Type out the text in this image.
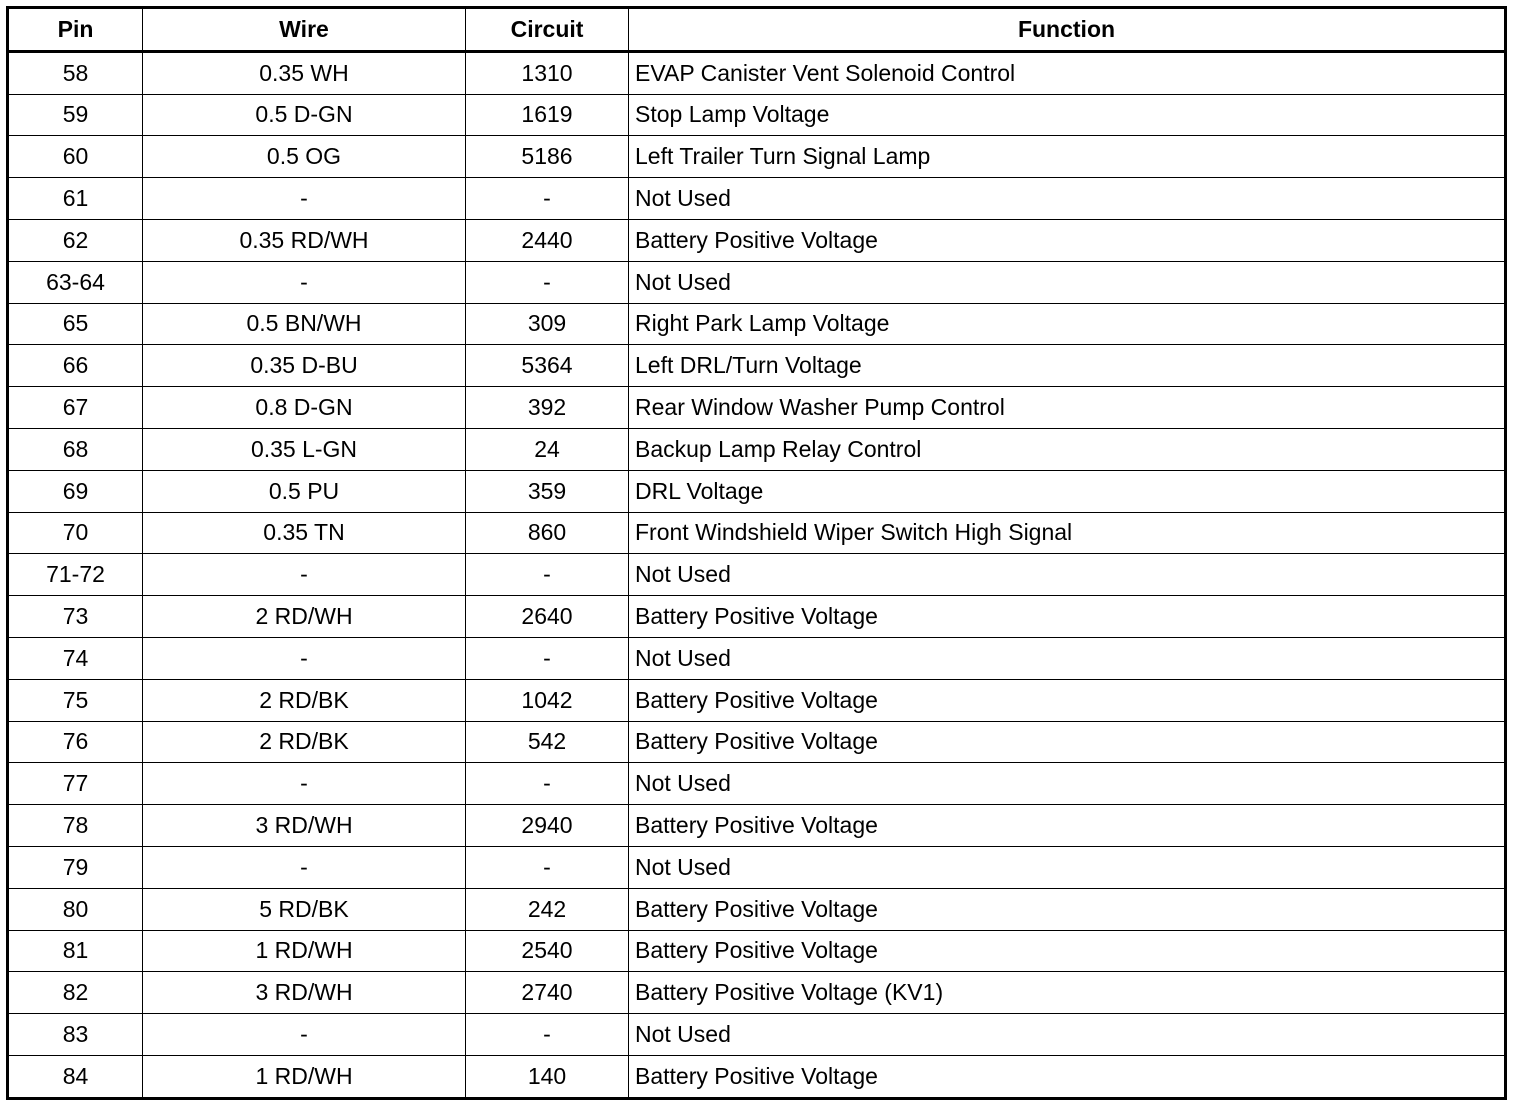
Pin	Wire	Circuit	Function
58	0.35 WH	1310	EVAP Canister Vent Solenoid Control
59	0.5 D-GN	1619	Stop Lamp Voltage
60	0.5 OG	5186	Left Trailer Turn Signal Lamp
61	-	-	Not Used
62	0.35 RD/WH	2440	Battery Positive Voltage
63-64	-	-	Not Used
65	0.5 BN/WH	309	Right Park Lamp Voltage
66	0.35 D-BU	5364	Left DRL/Turn Voltage
67	0.8 D-GN	392	Rear Window Washer Pump Control
68	0.35 L-GN	24	Backup Lamp Relay Control
69	0.5 PU	359	DRL Voltage
70	0.35 TN	860	Front Windshield Wiper Switch High Signal
71-72	-	-	Not Used
73	2 RD/WH	2640	Battery Positive Voltage
74	-	-	Not Used
75	2 RD/BK	1042	Battery Positive Voltage
76	2 RD/BK	542	Battery Positive Voltage
77	-	-	Not Used
78	3 RD/WH	2940	Battery Positive Voltage
79	-	-	Not Used
80	5 RD/BK	242	Battery Positive Voltage
81	1 RD/WH	2540	Battery Positive Voltage
82	3 RD/WH	2740	Battery Positive Voltage (KV1)
83	-	-	Not Used
84	1 RD/WH	140	Battery Positive Voltage
